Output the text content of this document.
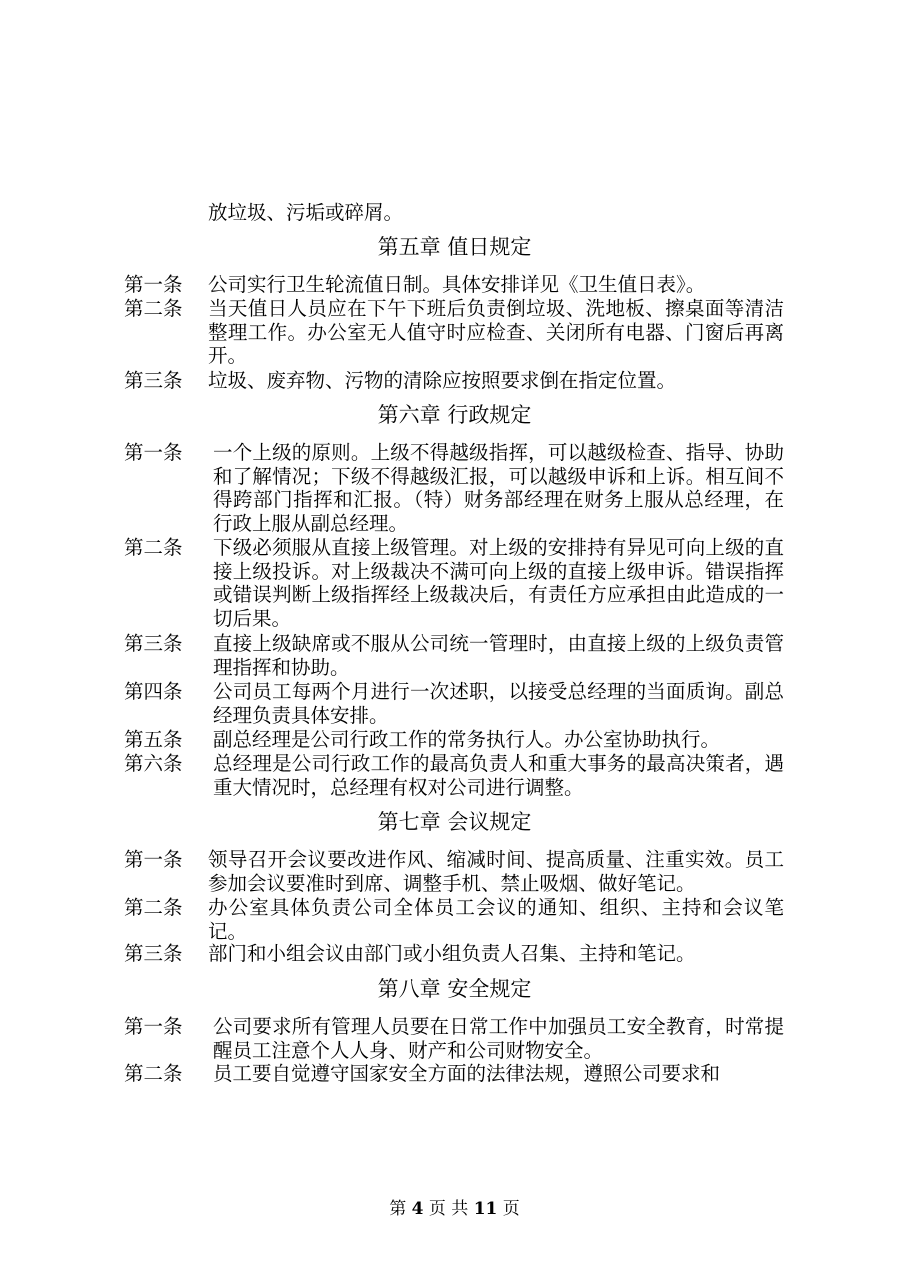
放垃圾、污垢或碎屑。
第五章 值日规定
第一条 公司实行卫生轮流值日制。具体安排详见《卫生值日表》。
第二条 当天值日人员应在下午下班后负责倒垃圾、洗地板、擦桌面等清洁整理工作。办公室无人值守时应检查、关闭所有电器、门窗后再离开。
第三条 垃圾、废弃物、污物的清除应按照要求倒在指定位置。
第六章 行政规定
第一条 一个上级的原则。上级不得越级指挥，可以越级检查、指导、协助和了解情况；下级不得越级汇报，可以越级申诉和上诉。相互间不得跨部门指挥和汇报。（特）财务部经理在财务上服从总经理，在行政上服从副总经理。
第二条 下级必须服从直接上级管理。对上级的安排持有异见可向上级的直接上级投诉。对上级裁决不满可向上级的直接上级申诉。错误指挥或错误判断上级指挥经上级裁决后，有责任方应承担由此造成的一切后果。
第三条 直接上级缺席或不服从公司统一管理时，由直接上级的上级负责管理指挥和协助。
第四条 公司员工每两个月进行一次述职，以接受总经理的当面质询。副总经理负责具体安排。
第五条 副总经理是公司行政工作的常务执行人。办公室协助执行。
第六条 总经理是公司行政工作的最高负责人和重大事务的最高决策者，遇重大情况时，总经理有权对公司进行调整。
第七章 会议规定
第一条 领导召开会议要改进作风、缩减时间、提高质量、注重实效。员工参加会议要准时到席、调整手机、禁止吸烟、做好笔记。
第二条 办公室具体负责公司全体员工会议的通知、组织、主持和会议笔记。
第三条 部门和小组会议由部门或小组负责人召集、主持和笔记。
第八章 安全规定
第一条 公司要求所有管理人员要在日常工作中加强员工安全教育，时常提醒员工注意个人人身、财产和公司财物安全。
第二条 员工要自觉遵守国家安全方面的法律法规，遵照公司要求和
第 4 页 共 11 页
